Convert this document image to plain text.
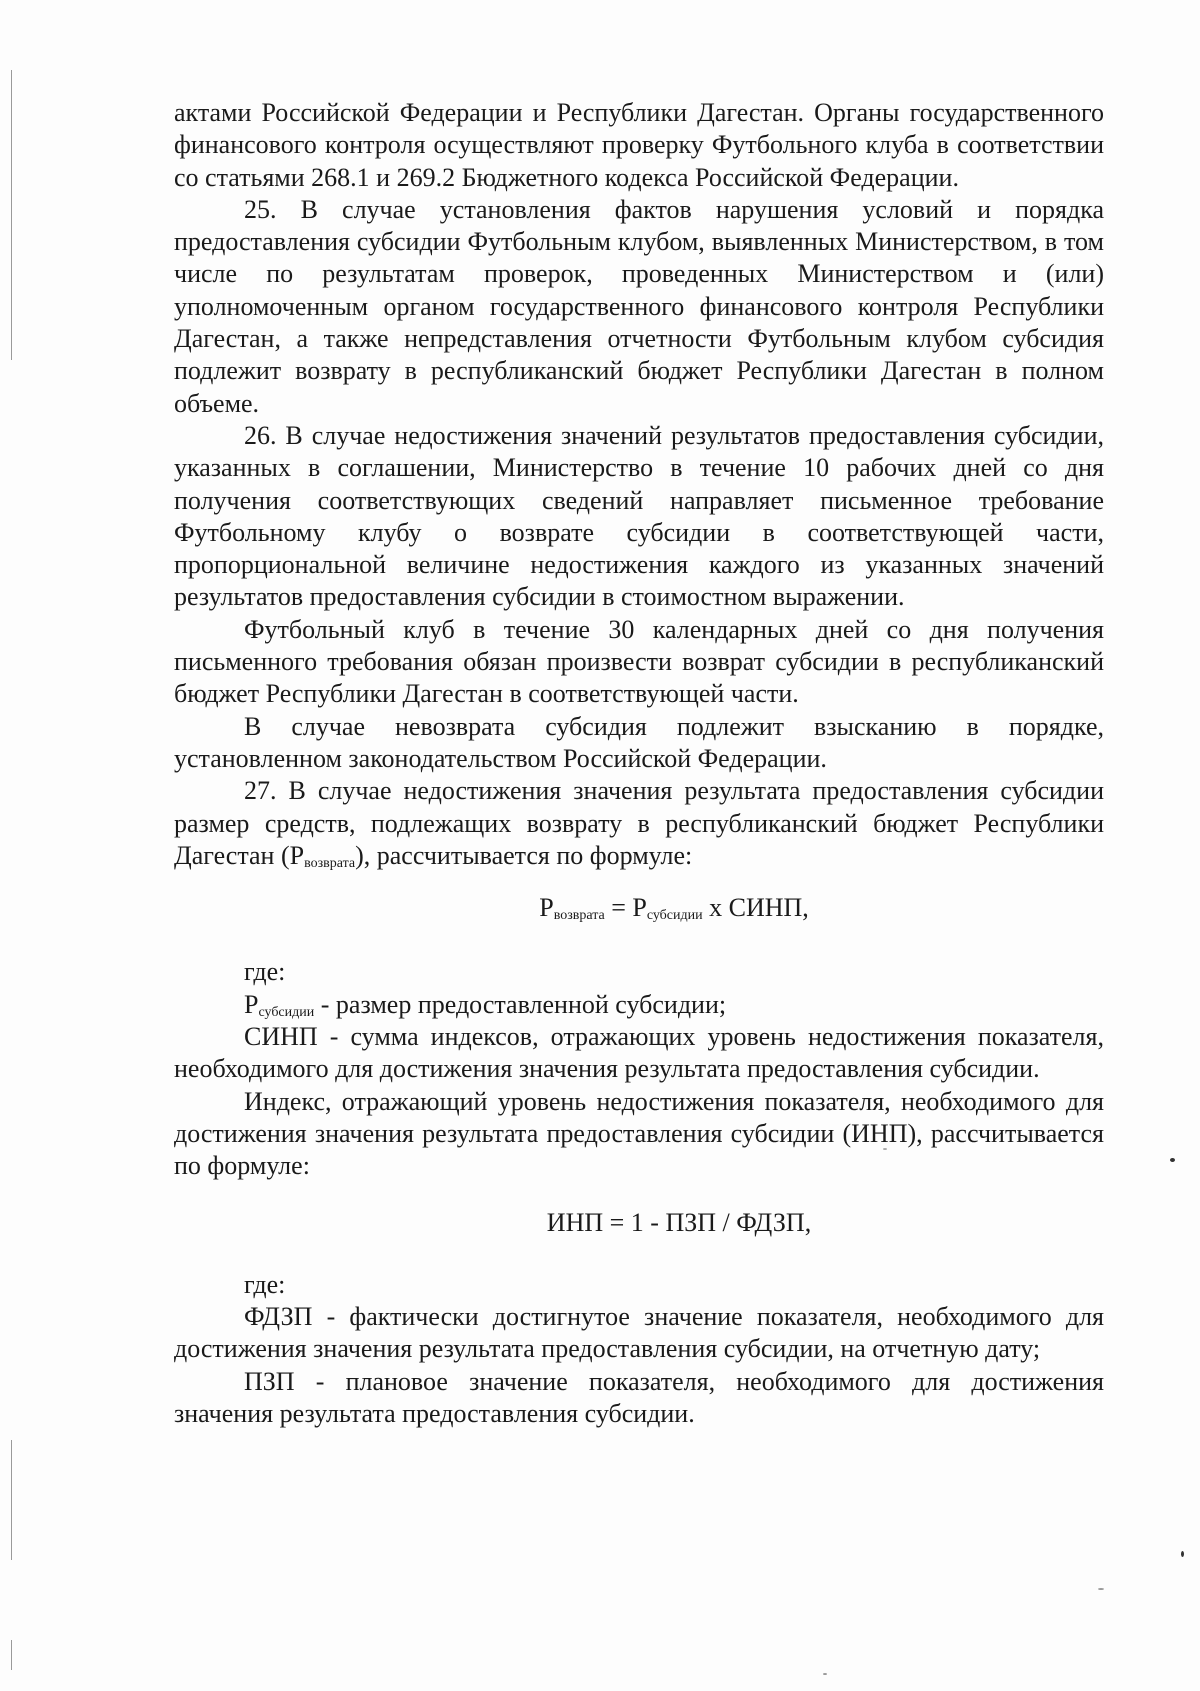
актами Российской Федерации и Республики Дагестан. Органы государственного финансового контроля осуществляют проверку Футбольного клуба в соответствии со статьями 268.1 и 269.2 Бюджетного кодекса Российской Федерации.

25. В случае установления фактов нарушения условий и порядка предоставления субсидии Футбольным клубом, выявленных Министерством, в том числе по результатам проверок, проведенных Министерством и (или) уполномоченным органом государственного финансового контроля Республики Дагестан, а также непредставления отчетности Футбольным клубом субсидия подлежит возврату в республиканский бюджет Республики Дагестан в полном объеме.

26. В случае недостижения значений результатов предоставления субсидии, указанных в соглашении, Министерство в течение 10 рабочих дней со дня получения соответствующих сведений направляет письменное требование Футбольному клубу о возврате субсидии в соответствующей части, пропорциональной величине недостижения каждого из указанных значений результатов предоставления субсидии в стоимостном выражении.

Футбольный клуб в течение 30 календарных дней со дня получения письменного требования обязан произвести возврат субсидии в республиканский бюджет Республики Дагестан в соответствующей части.

В случае невозврата субсидия подлежит взысканию в порядке, установленном законодательством Российской Федерации.

27. В случае недостижения значения результата предоставления субсидии размер средств, подлежащих возврату в республиканский бюджет Республики Дагестан $(Р_{возврата})$, рассчитывается по формуле:

$Р_{возврата} = Р_{субсидии}$ х СИНП,

где:

$Р_{субсидии}$ - размер предоставленной субсидии;

СИНП - сумма индексов, отражающих уровень недостижения показателя, необходимого для достижения значения результата предоставления субсидии.

Индекс, отражающий уровень недостижения показателя, необходимого для достижения значения результата предоставления субсидии (ИНП), рассчитывается по формуле:

ИНП = 1 - ПЗП / ФДЗП,

где:

ФДЗП - фактически достигнутое значение показателя, необходимого для достижения значения результата предоставления субсидии, на отчетную дату;

ПЗП - плановое значение показателя, необходимого для достижения значения результата предоставления субсидии.
